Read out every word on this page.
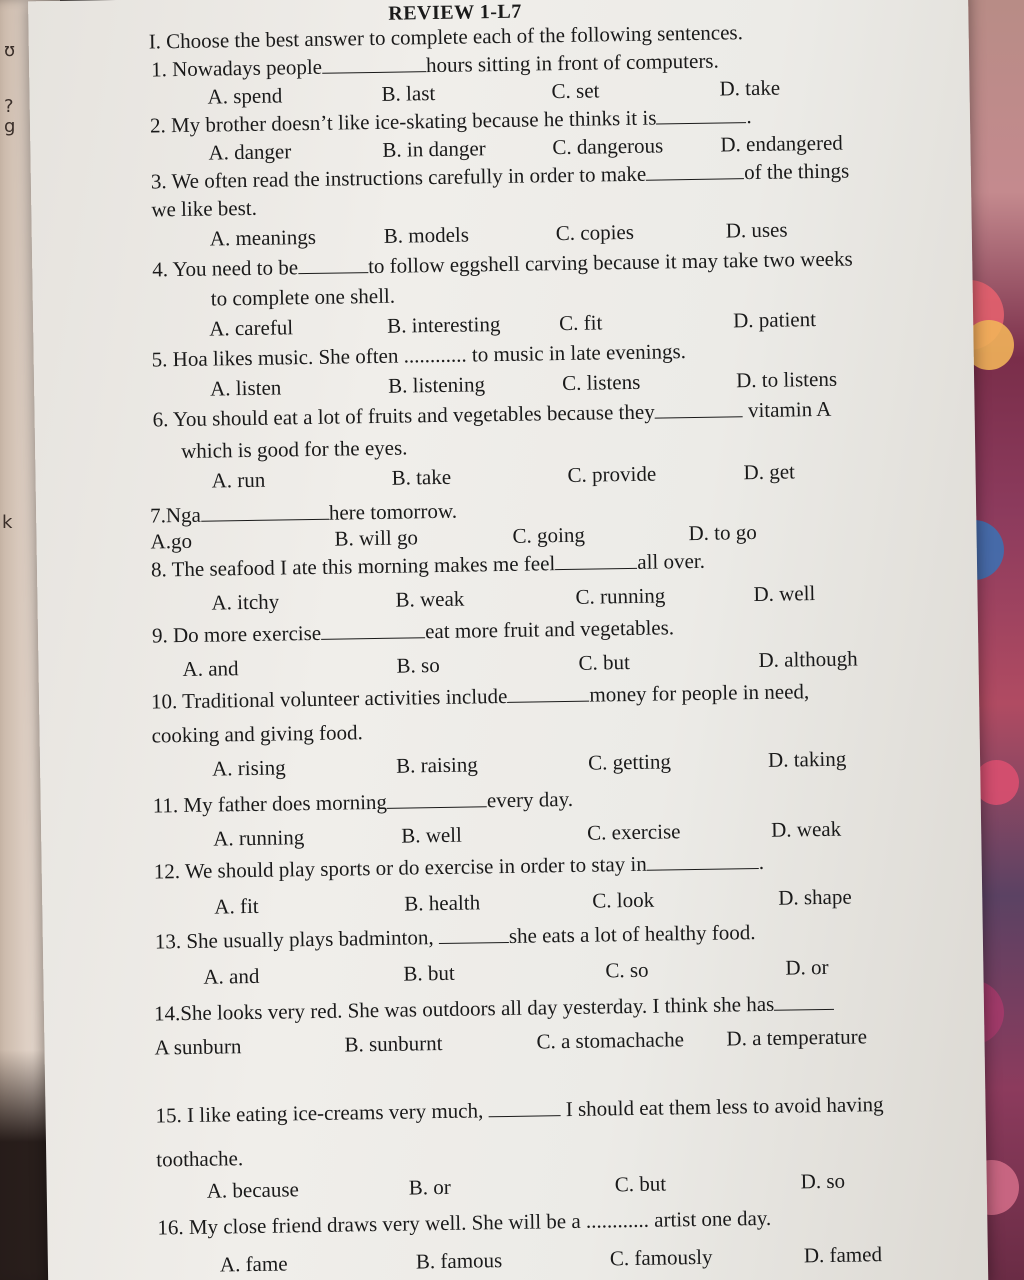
ʊ
?
g
k
REVIEW 1-L7
I. Choose the best answer to complete each of the following sentences.
1. Nowadays people	hours sitting in front of computers.
A. spend	B. last	C. set	D. take
2. My brother doesn’t like ice-skating because he thinks it is	.
A. danger	B. in danger	C. dangerous	D. endangered
3. We often read the instructions carefully in order to make	of the things
we like best.
A. meanings	B. models	C. copies	D. uses
4. You need to be	to follow eggshell carving because it may take two weeks
to complete one shell.
A. careful	B. interesting	C. fit	D. patient
5. Hoa likes music. She often ............ to music in late evenings.
A. listen	B. listening	C. listens	D. to listens
6. You should eat a lot of fruits and vegetables because they	vitamin A
which is good for the eyes.
A. run	B. take	C. provide	D. get
7.Nga	here tomorrow.
A.go	B. will go	C. going	D. to go
8. The seafood I ate this morning makes me feel	all over.
A. itchy	B. weak	C. running	D. well
9. Do more exercise	eat more fruit and vegetables.
A. and	B. so	C. but	D. although
10. Traditional volunteer activities include	money for people in need,
cooking and giving food.
A. rising	B. raising	C. getting	D. taking
11. My father does morning	every day.
A. running	B. well	C. exercise	D. weak
12. We should play sports or do exercise in order to stay in	.
A. fit	B. health	C. look	D. shape
13. She usually plays badminton,	she eats a lot of healthy food.
A. and	B. but	C. so	D. or
14.She looks very red. She was outdoors all day yesterday. I think she has
A sunburn	B. sunburnt	C. a stomachache D. a temperature
15. I like eating ice-creams very much,	I should eat them less to avoid having
toothache.
A. because	B. or	C. but	D. so
16. My close friend draws very well. She will be a ............ artist one day.
A. fame	B. famous	C. famously	D. famed
